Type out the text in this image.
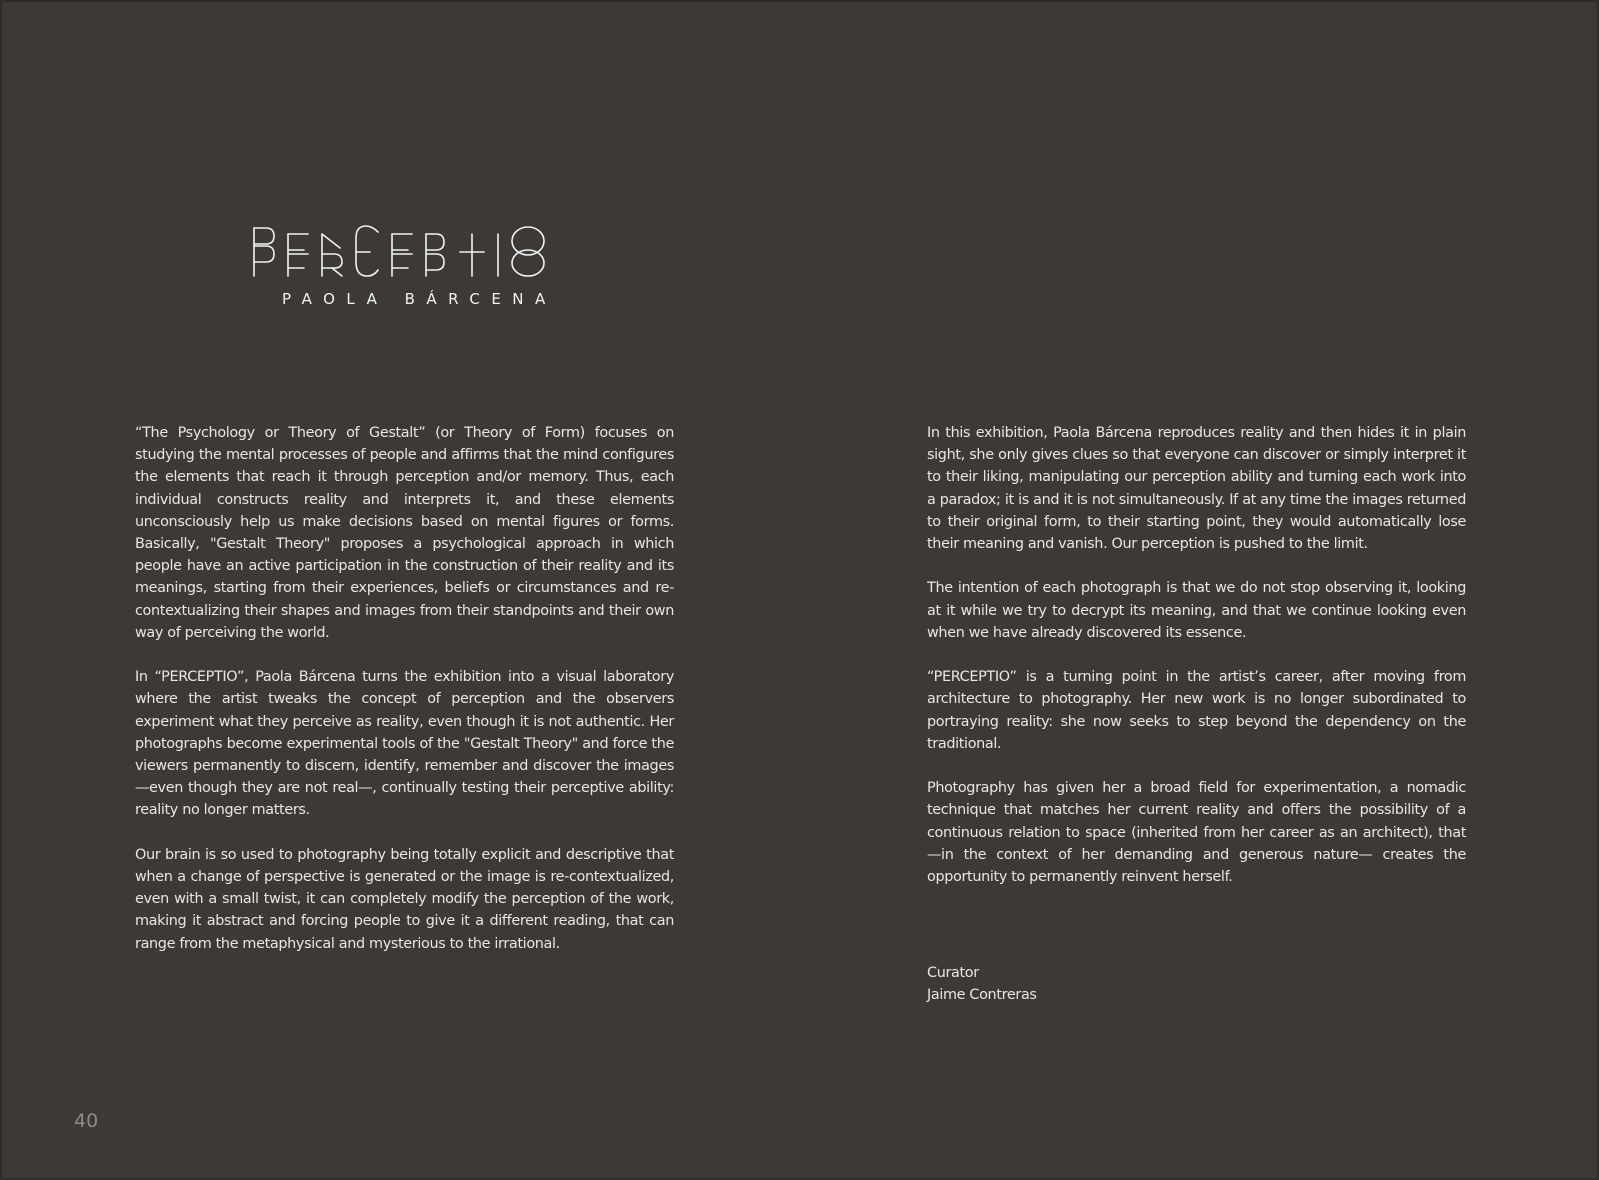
PAOLA BÁRCENA

“The Psychology or Theory of Gestalt” (or Theory of Form) focuses on studying the mental processes of people and affirms that the mind configures the elements that reach it through perception and/or memory. Thus, each individual constructs reality and interprets it, and these elements unconsciously help us make decisions based on mental figures or forms. Basically, "Gestalt Theory" proposes a psychological approach in which people have an active participation in the construction of their reality and its meanings, starting from their experiences, beliefs or circumstances and re-contextualizing their shapes and images from their standpoints and their own way of perceiving the world.

In “PERCEPTIO”, Paola Bárcena turns the exhibition into a visual laboratory where the artist tweaks the concept of perception and the observers experiment what they perceive as reality, even though it is not authentic. Her photographs become experimental tools of the "Gestalt Theory" and force the viewers permanently to discern, identify, remember and discover the images —even though they are not real—, continually testing their perceptive ability: reality no longer matters.

Our brain is so used to photography being totally explicit and descriptive that when a change of perspective is generated or the image is re-contextualized, even with a small twist, it can completely modify the perception of the work, making it abstract and forcing people to give it a different reading, that can range from the metaphysical and mysterious to the irrational.

In this exhibition, Paola Bárcena reproduces reality and then hides it in plain sight, she only gives clues so that everyone can discover or simply interpret it to their liking, manipulating our perception ability and turning each work into a paradox; it is and it is not simultaneously. If at any time the images returned to their original form, to their starting point, they would automatically lose their meaning and vanish. Our perception is pushed to the limit.

The intention of each photograph is that we do not stop observing it, looking at it while we try to decrypt its meaning, and that we continue looking even when we have already discovered its essence.

“PERCEPTIO” is a turning point in the artist’s career, after moving from architecture to photography. Her new work is no longer subordinated to portraying reality: she now seeks to step beyond the dependency on the traditional.

Photography has given her a broad field for experimentation, a nomadic technique that matches her current reality and offers the possibility of a continuous relation to space (inherited from her career as an architect), that —in the context of her demanding and generous nature— creates the opportunity to permanently reinvent herself.

Curator
Jaime Contreras
40
